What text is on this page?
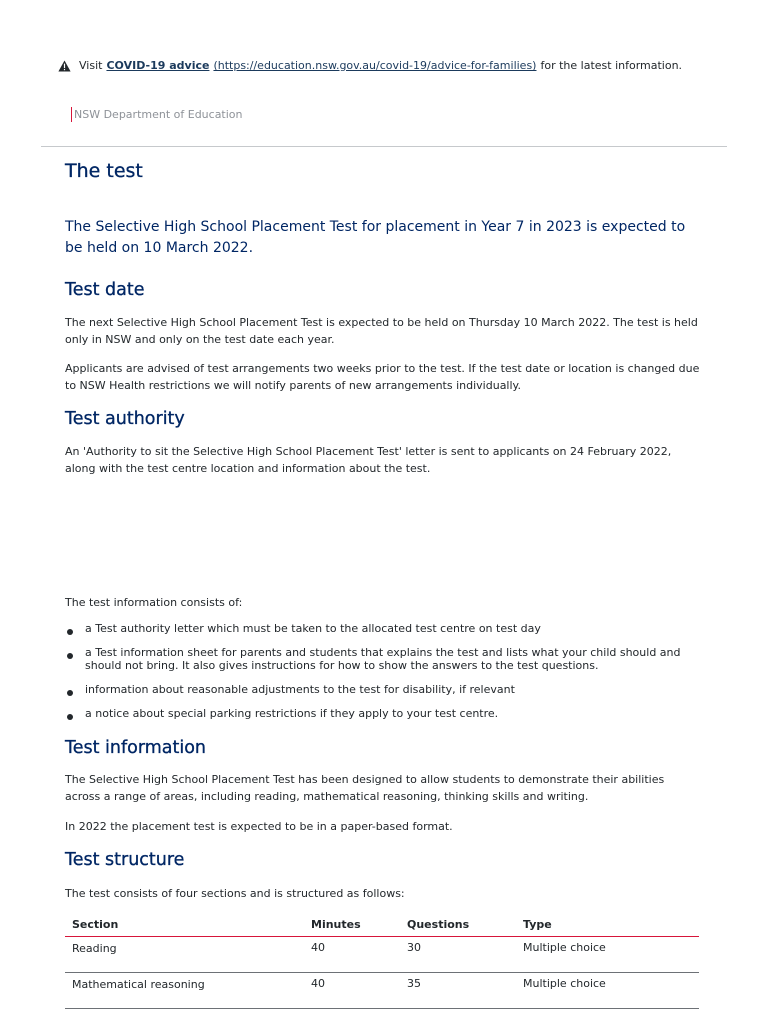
Visit COVID-19 advice (https://education.nsw.gov.au/covid-19/advice-for-families) for the latest information.
NSW Department of Education
The test

The Selective High School Placement Test for placement in Year 7 in 2023 is expected to be held on 10 March 2022.

Test date

The next Selective High School Placement Test is expected to be held on Thursday 10 March 2022. The test is held only in NSW and only on the test date each year.

Applicants are advised of test arrangements two weeks prior to the test. If the test date or location is changed due to NSW Health restrictions we will notify parents of new arrangements individually.

Test authority

An 'Authority to sit the Selective High School Placement Test' letter is sent to applicants on 24 February 2022, along with the test centre location and information about the test.

The test information consists of:

a Test authority letter which must be taken to the allocated test centre on test day
a Test information sheet for parents and students that explains the test and lists what your child should and should not bring. It also gives instructions for how to show the answers to the test questions.
information about reasonable adjustments to the test for disability, if relevant
a notice about special parking restrictions if they apply to your test centre.
Test information

The Selective High School Placement Test has been designed to allow students to demonstrate their abilities across a range of areas, including reading, mathematical reasoning, thinking skills and writing.

In 2022 the placement test is expected to be in a paper-based format.

Test structure

The test consists of four sections and is structured as follows:

Section	Minutes	Questions	Type
Reading	40	30	Multiple choice
Mathematical reasoning	40	35	Multiple choice
